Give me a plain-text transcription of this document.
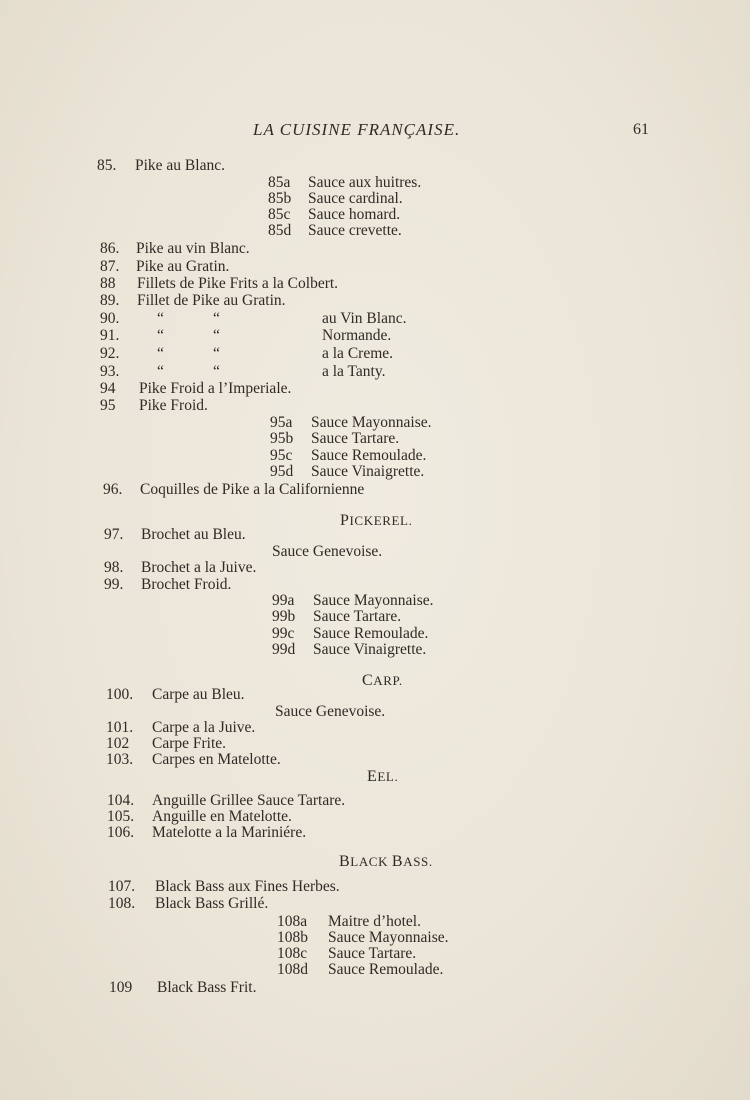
LA CUISINE FRANÇAISE.	61
85. Pike au Blanc.
85a Sauce aux huitres.
85b Sauce cardinal.
85c Sauce homard.
85d Sauce crevette.
86. Pike au vin Blanc.
87. Pike au Gratin.
88 Fillets de Pike Frits a la Colbert.
89. Fillet de Pike au Gratin.
90. “	“	au Vin Blanc.
91. “	“	Normande.
92. “	“	a la Creme.
93. “	“	a la Tanty.
94 Pike Froid a l’Imperiale.
95 Pike Froid.
95a Sauce Mayonnaise.
95b Sauce Tartare.
95c Sauce Remoulade.
95d Sauce Vinaigrette.
96. Coquilles de Pike a la Californienne
PICKEREL.
97. Brochet au Bleu.
Sauce Genevoise.
98. Brochet a la Juive.
99. Brochet Froid.
99a Sauce Mayonnaise.
99b Sauce Tartare.
99c Sauce Remoulade.
99d Sauce Vinaigrette.
CARP.
100. Carpe au Bleu.
Sauce Genevoise.
101. Carpe a la Juive.
102 Carpe Frite.
103. Carpes en Matelotte.
EEL.
104. Anguille Grillee Sauce Tartare.
105. Anguille en Matelotte.
106. Matelotte a la Mariniére.
BLACK BASS.
107. Black Bass aux Fines Herbes.
108. Black Bass Grillé.
108a Maitre d’hotel.
108b Sauce Mayonnaise.
108c Sauce Tartare.
108d Sauce Remoulade.
109 Black Bass Frit.
